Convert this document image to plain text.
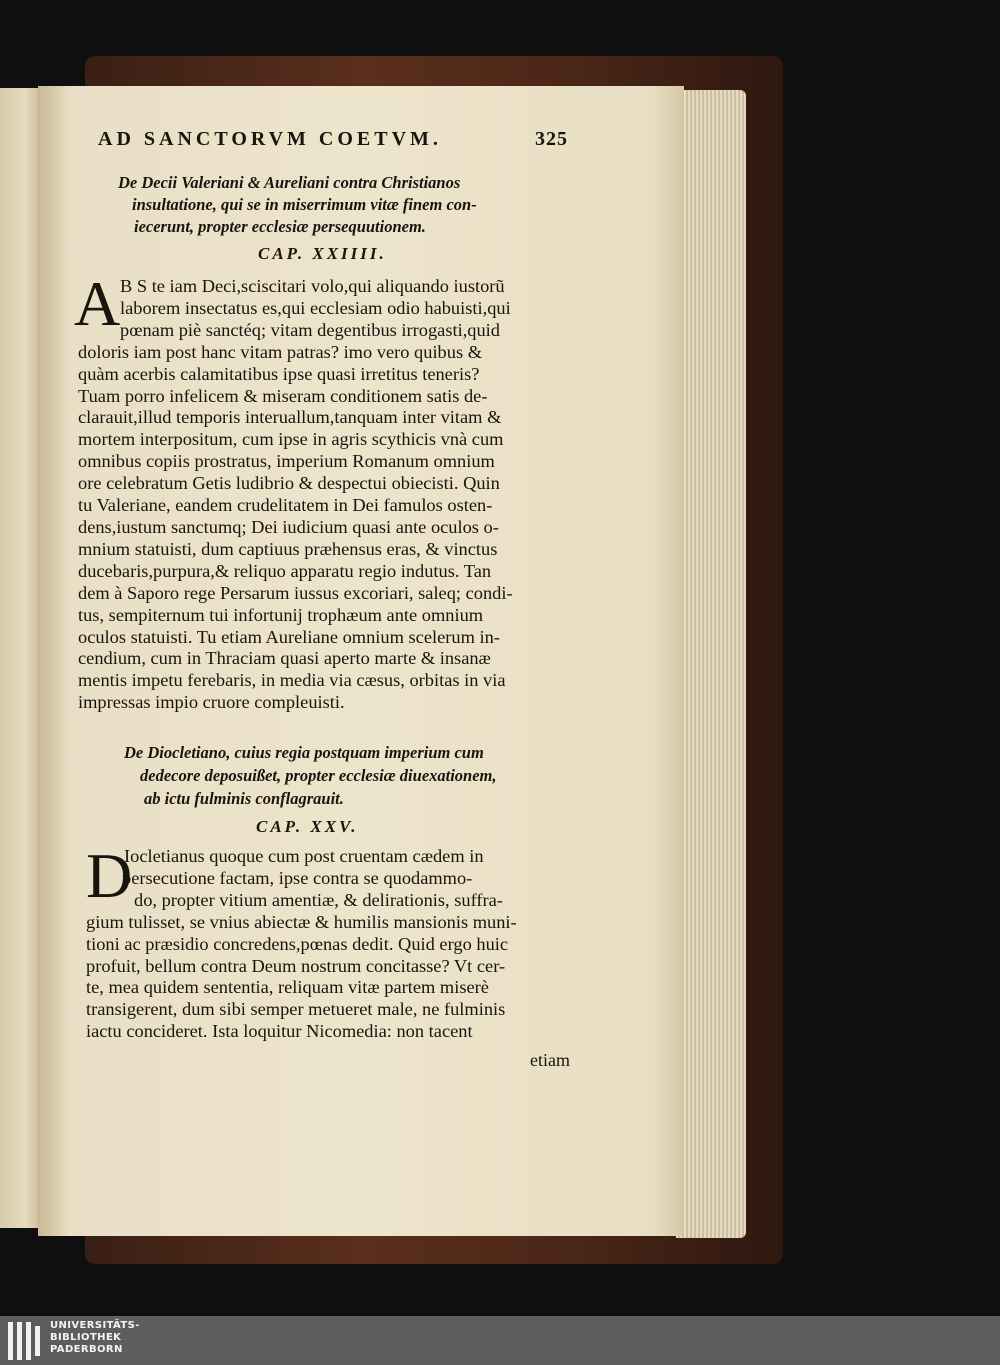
AD SANCTORVM COETVM.	325
De Decii Valeriani & Aureliani contra Christianos
insultatione, qui se in miserrimum vitæ finem con-
iecerunt, propter ecclesiæ persequutionem.
CAP. XXIIII.
A B S te iam Deci,sciscitari volo,qui aliquando iustorũ
laborem insectatus es,qui ecclesiam odio habuisti,qui
pœnam piè sanctéq; vitam degentibus irrogasti,quid
doloris iam post hanc vitam patras? imo vero quibus &
quàm acerbis calamitatibus ipse quasi irretitus teneris?
Tuam porro infelicem & miseram conditionem satis de-
clarauit,illud temporis interuallum,tanquam inter vitam &
mortem interpositum, cum ipse in agris scythicis vnà cum
omnibus copiis prostratus, imperium Romanum omnium
ore celebratum Getis ludibrio & despectui obiecisti. Quin
tu Valeriane, eandem crudelitatem in Dei famulos osten-
dens,iustum sanctumq; Dei iudicium quasi ante oculos o-
mnium statuisti, dum captiuus præhensus eras, & vinctus
ducebaris,purpura,& reliquo apparatu regio indutus. Tan
dem à Saporo rege Persarum iussus excoriari, saleq; condi-
tus, sempiternum tui infortunij trophæum ante omnium
oculos statuisti. Tu etiam Aureliane omnium scelerum in-
cendium, cum in Thraciam quasi aperto marte & insanæ
mentis impetu ferebaris, in media via cæsus, orbitas in via
impressas impio cruore compleuisti.
De Diocletiano, cuius regia postquam imperium cum
dedecore deposuißet, propter ecclesiæ diuexationem,
ab ictu fulminis conflagrauit.
CAP. XXV.
D
Iocletianus quoque cum post cruentam cædem in
persecutione factam, ipse contra se quodammo-
do, propter vitium amentiæ, & delirationis, suffra-
gium tulisset, se vnius abiectæ & humilis mansionis muni-
tioni ac præsidio concredens,pœnas dedit. Quid ergo huic
profuit, bellum contra Deum nostrum concitasse? Vt cer-
te, mea quidem sententia, reliquam vitæ partem miserè
transigerent, dum sibi semper metueret male, ne fulminis
iactu concideret. Ista loquitur Nicomedia: non tacent
etiam
UNIVERSITÄTS-
BIBLIOTHEK
PADERBORN
